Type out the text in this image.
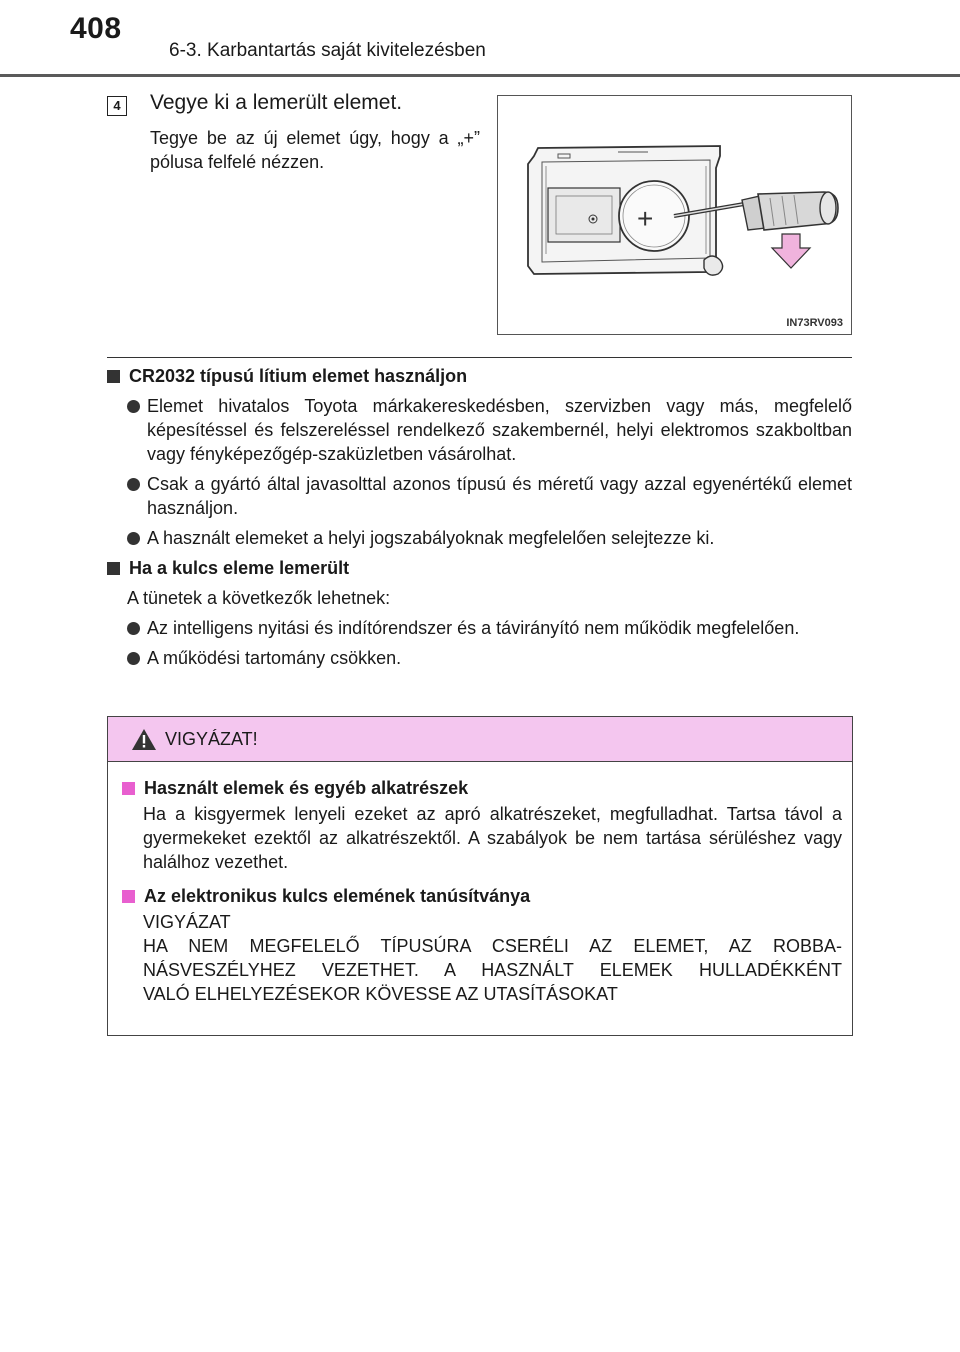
408
6-3. Karbantartás saját kivitelezésben
4	Vegye ki a lemerült elemet.
Tegye be az új elemet úgy, hogy a „+” pólusa felfelé nézzen.
+
IN73RV093
CR2032 típusú lítium elemet használjon
Elemet hivatalos Toyota márkakereskedésben, szervizben vagy más, megfelelő képesítéssel és felszereléssel rendelkező szakembernél, helyi elektromos szakboltban vagy fényképezőgép-szaküzletben vásárolhat.
Csak a gyártó által javasolttal azonos típusú és méretű vagy azzal egyenértékű elemet használjon.
A használt elemeket a helyi jogszabályoknak megfelelően selejtezze ki.
Ha a kulcs eleme lemerült
A tünetek a következők lehetnek:
Az intelligens nyitási és indítórendszer és a távirányító nem működik megfelelően.
A működési tartomány csökken.
VIGYÁZAT!
Használt elemek és egyéb alkatrészek
Ha a kisgyermek lenyeli ezeket az apró alkatrészeket, megfulladhat. Tartsa távol a gyermekeket ezektől az alkatrészektől. A szabályok be nem tartása sérüléshez vagy halálhoz vezethet.
Az elektronikus kulcs elemének tanúsítványa
VIGYÁZAT
HA NEM MEGFELELŐ TÍPUSÚRA CSERÉLI AZ ELEMET, AZ ROBBA-
NÁSVESZÉLYHEZ VEZETHET. A HASZNÁLT ELEMEK HULLADÉKKÉNT
VALÓ ELHELYEZÉSEKOR KÖVESSE AZ UTASÍTÁSOKAT
